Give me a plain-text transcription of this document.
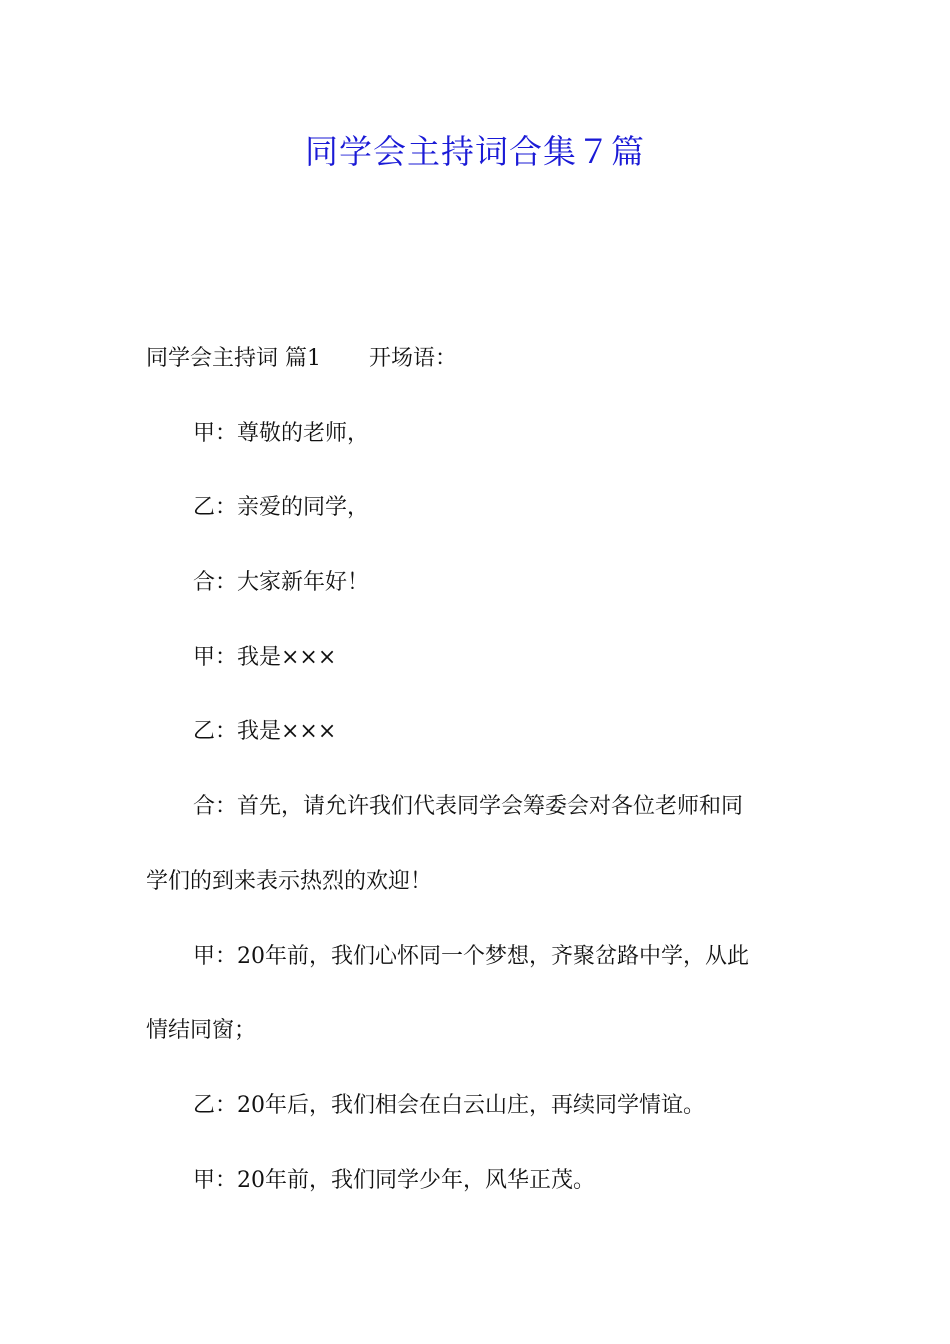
同学会主持词合集７篇
同学会主持词 篇1 开场语：
甲：尊敬的老师，
乙：亲爱的同学，
合：大家新年好！
甲：我是×××
乙：我是×××
合：首先，请允许我们代表同学会筹委会对各位老师和同
学们的到来表示热烈的欢迎！
甲：20年前，我们心怀同一个梦想，齐聚岔路中学，从此
情结同窗；
乙：20年后，我们相会在白云山庄，再续同学情谊。
甲：20年前，我们同学少年，风华正茂。
